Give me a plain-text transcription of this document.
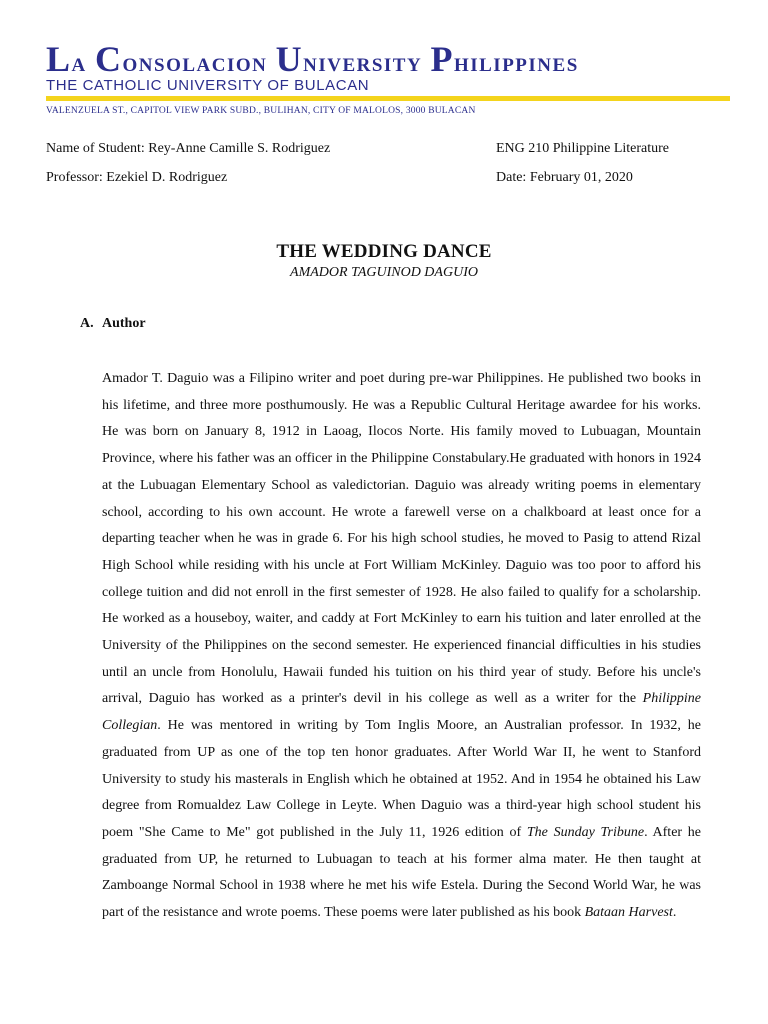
La Consolacion University Philippines
THE CATHOLIC UNIVERSITY OF BULACAN
VALENZUELA ST., CAPITOL VIEW PARK SUBD., BULIHAN, CITY OF MALOLOS, 3000 BULACAN
Name of Student: Rey-Anne Camille S. Rodriguez	ENG 210 Philippine Literature
Professor: Ezekiel D. Rodriguez	Date: February 01, 2020
THE WEDDING DANCE
AMADOR TAGUINOD DAGUIO
A. Author

Amador T. Daguio was a Filipino writer and poet during pre-war Philippines. He published two books in his lifetime, and three more posthumously. He was a Republic Cultural Heritage awardee for his works. He was born on January 8, 1912 in Laoag, Ilocos Norte. His family moved to Lubuagan, Mountain Province, where his father was an officer in the Philippine Constabulary.He graduated with honors in 1924 at the Lubuagan Elementary School as valedictorian. Daguio was already writing poems in elementary school, according to his own account. He wrote a farewell verse on a chalkboard at least once for a departing teacher when he was in grade 6. For his high school studies, he moved to Pasig to attend Rizal High School while residing with his uncle at Fort William McKinley. Daguio was too poor to afford his college tuition and did not enroll in the first semester of 1928. He also failed to qualify for a scholarship. He worked as a houseboy, waiter, and caddy at Fort McKinley to earn his tuition and later enrolled at the University of the Philippines on the second semester. He experienced financial difficulties in his studies until an uncle from Honolulu, Hawaii funded his tuition on his third year of study. Before his uncle's arrival, Daguio has worked as a printer's devil in his college as well as a writer for the Philippine Collegian. He was mentored in writing by Tom Inglis Moore, an Australian professor. In 1932, he graduated from UP as one of the top ten honor graduates. After World War II, he went to Stanford University to study his masterals in English which he obtained at 1952. And in 1954 he obtained his Law degree from Romualdez Law College in Leyte. When Daguio was a third-year high school student his poem "She Came to Me" got published in the July 11, 1926 edition of The Sunday Tribune. After he graduated from UP, he returned to Lubuagan to teach at his former alma mater. He then taught at Zamboange Normal School in 1938 where he met his wife Estela. During the Second World War, he was part of the resistance and wrote poems. These poems were later published as his book Bataan Harvest.
